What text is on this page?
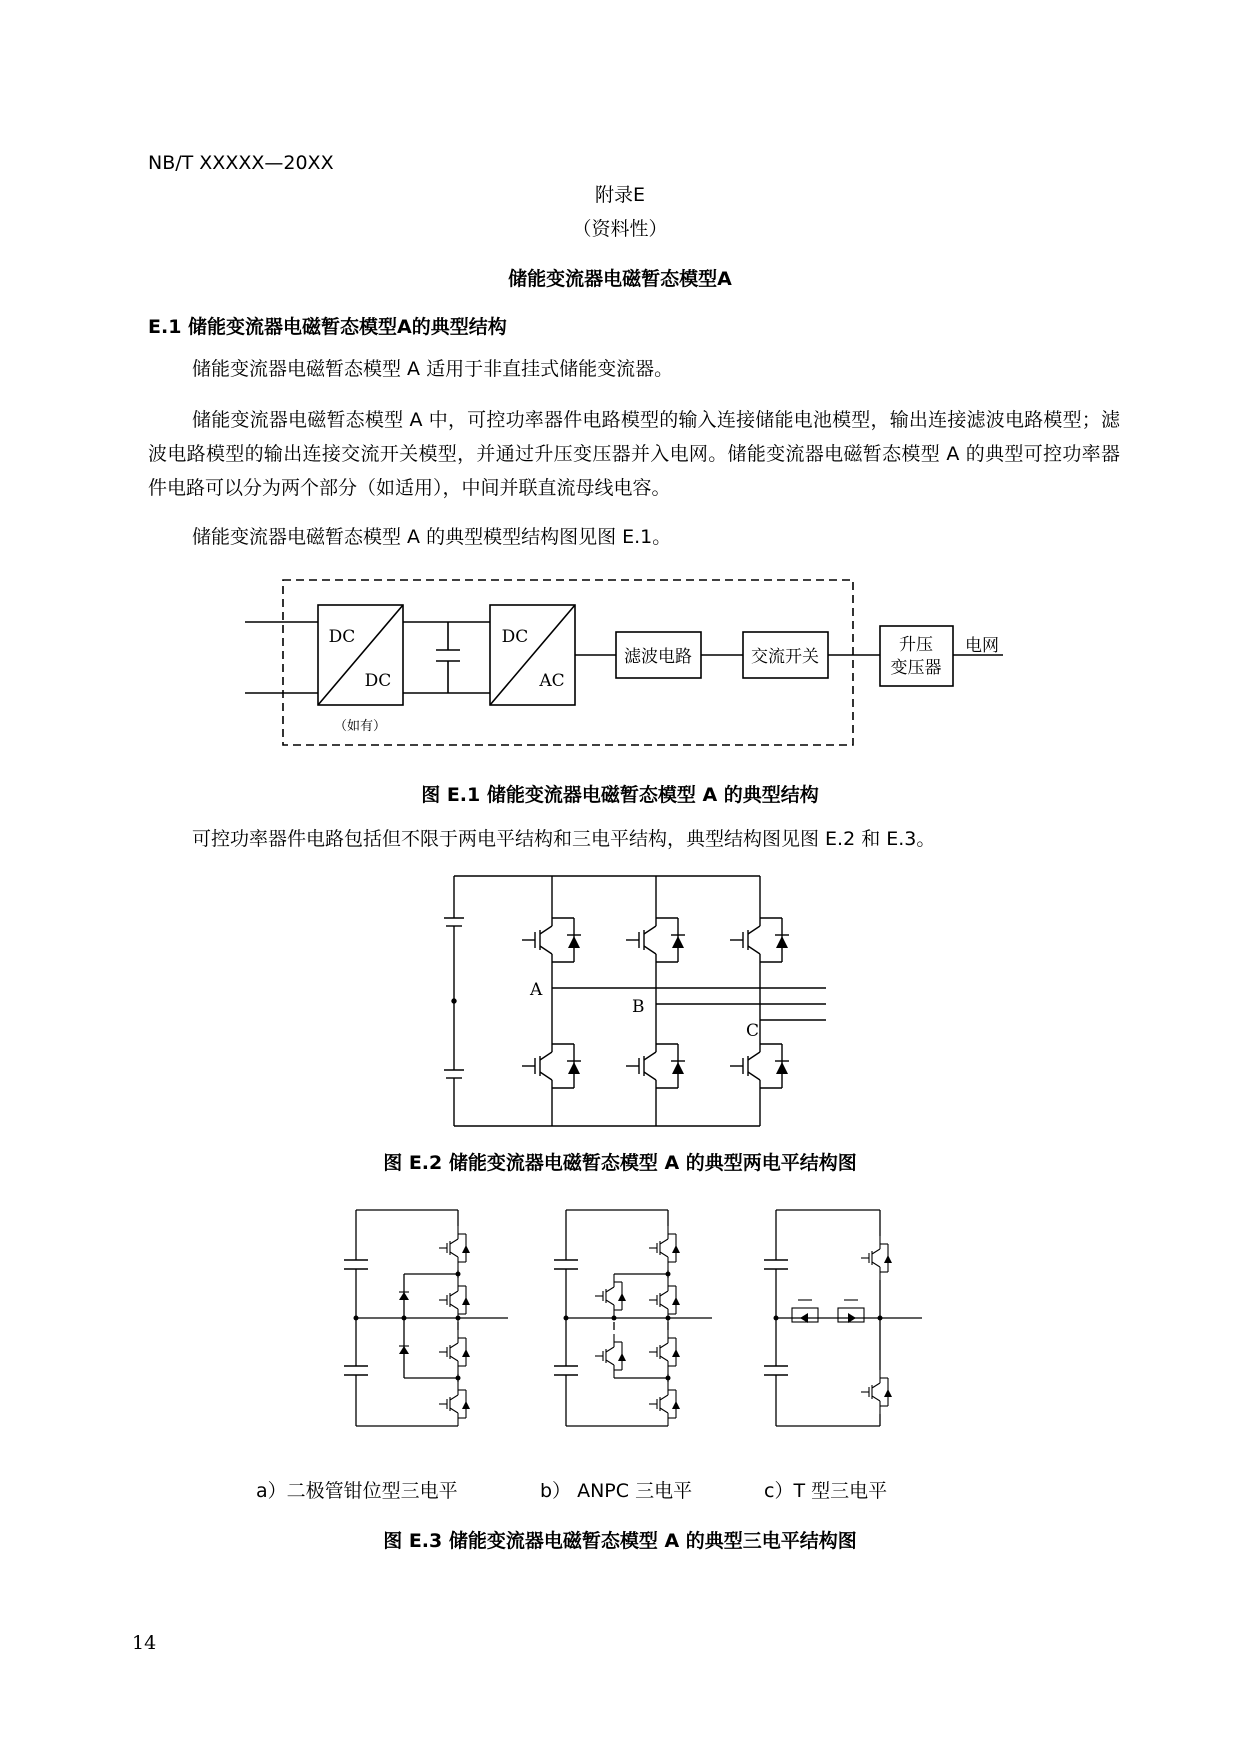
NB/T XXXXX—20XX
附录E
（资料性）
储能变流器电磁暂态模型A
E.1 储能变流器电磁暂态模型A的典型结构
储能变流器电磁暂态模型 A 适用于非直挂式储能变流器。
储能变流器电磁暂态模型 A 中，可控功率器件电路模型的输入连接储能电池模型，输出连接滤波电路模型；滤波电路模型的输出连接交流开关模型，并通过升压变压器并入电网。储能变流器电磁暂态模型 A 的典型可控功率器件电路可以分为两个部分（如适用），中间并联直流母线电容。
储能变流器电磁暂态模型 A 的典型模型结构图见图 E.1。
DC
DC
（如有）
DC
AC
滤波电路	交流开关
升压
变压器
电网
图 E.1 储能变流器电磁暂态模型 A 的典型结构
可控功率器件电路包括但不限于两电平结构和三电平结构，典型结构图见图 E.2 和 E.3。
A
B
C
图 E.2 储能变流器电磁暂态模型 A 的典型两电平结构图
a）二极管钳位型三电平	b） ANPC 三电平	c）T 型三电平
图 E.3 储能变流器电磁暂态模型 A 的典型三电平结构图
14
